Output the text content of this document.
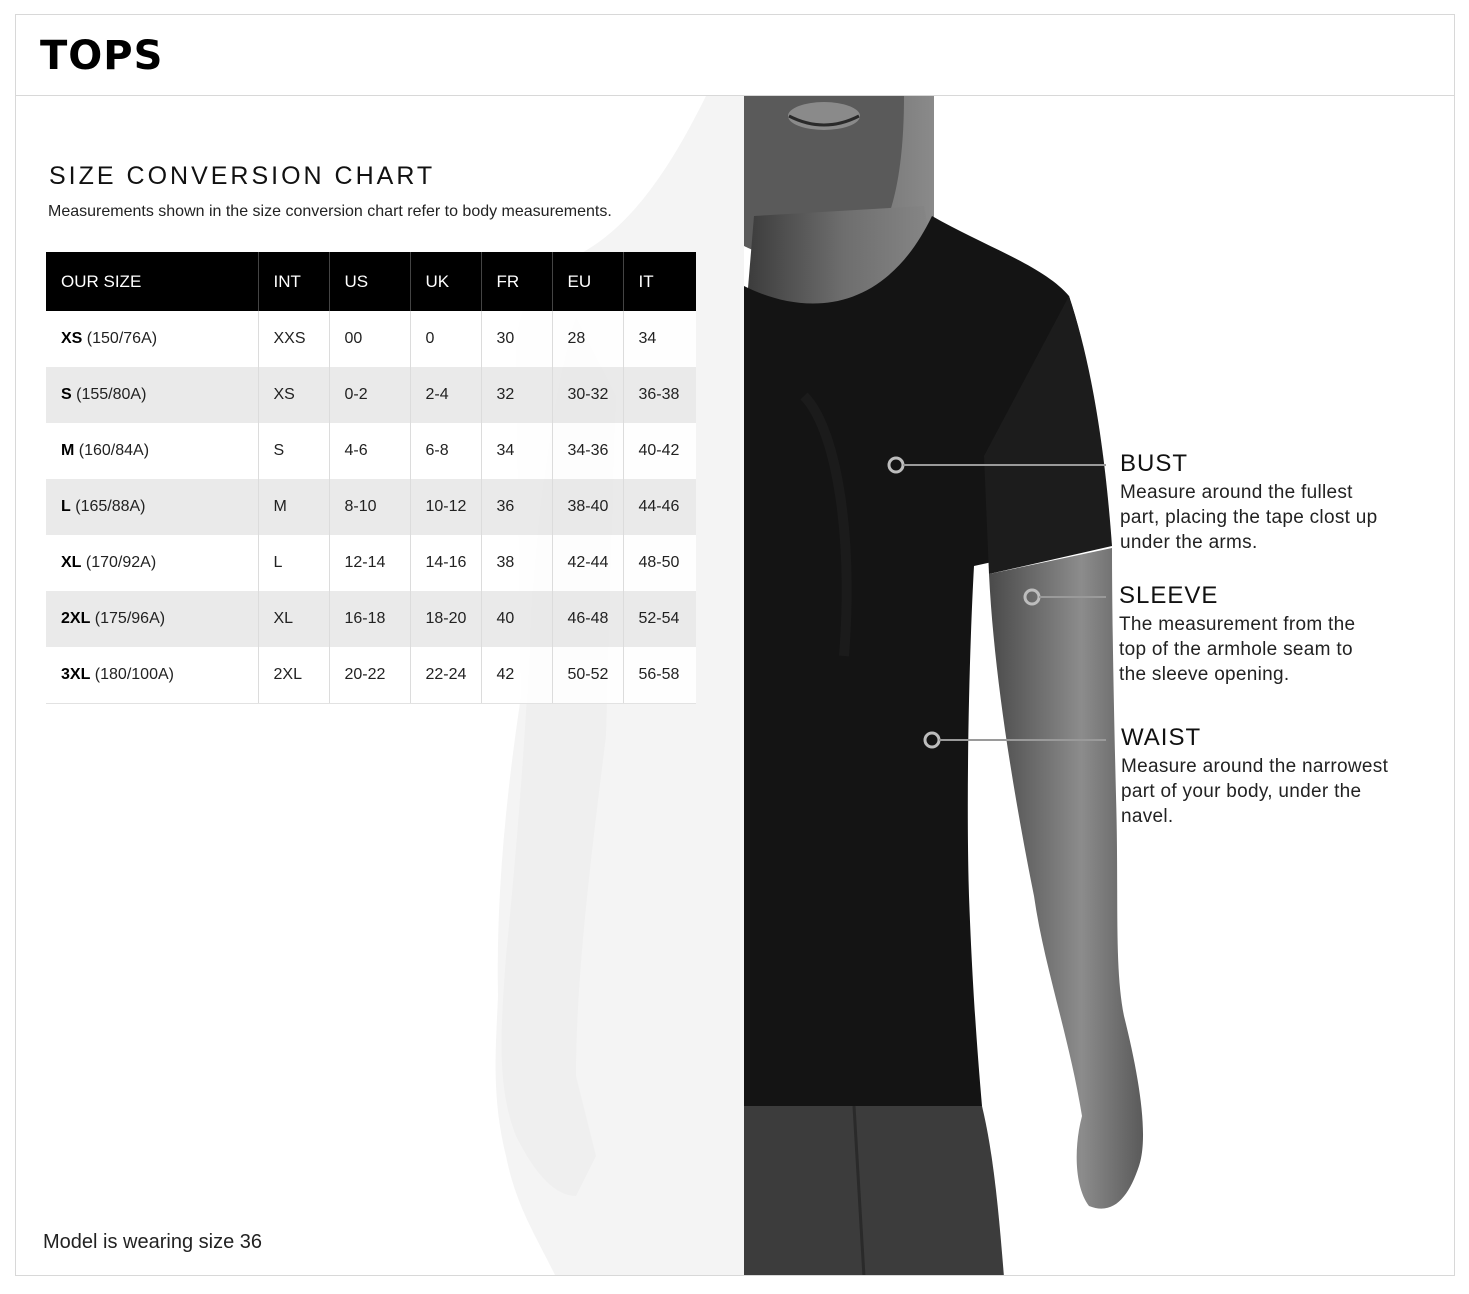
TOPS
SIZE CONVERSION CHART
Measurements shown in the size conversion chart refer to body measurements.
OUR SIZE	INT	US	UK	FR	EU	IT
XS (150/76A)	XXS	00	0	30	28	34
S (155/80A)	XS	0-2	2-4	32	30-32	36-38
M (160/84A)	S	4-6	6-8	34	34-36	40-42
L (165/88A)	M	8-10	10-12	36	38-40	44-46
XL (170/92A)	L	12-14	14-16	38	42-44	48-50
2XL (175/96A)	XL	16-18	18-20	40	46-48	52-54
3XL (180/100A)	2XL	20-22	22-24	42	50-52	56-58
Model is wearing size 36
BUST
Measure around the fullest
part, placing the tape clost up
under the arms.
SLEEVE
The measurement from the
top of the armhole seam to
the sleeve opening.
WAIST
Measure around the narrowest
part of your body, under the
navel.
